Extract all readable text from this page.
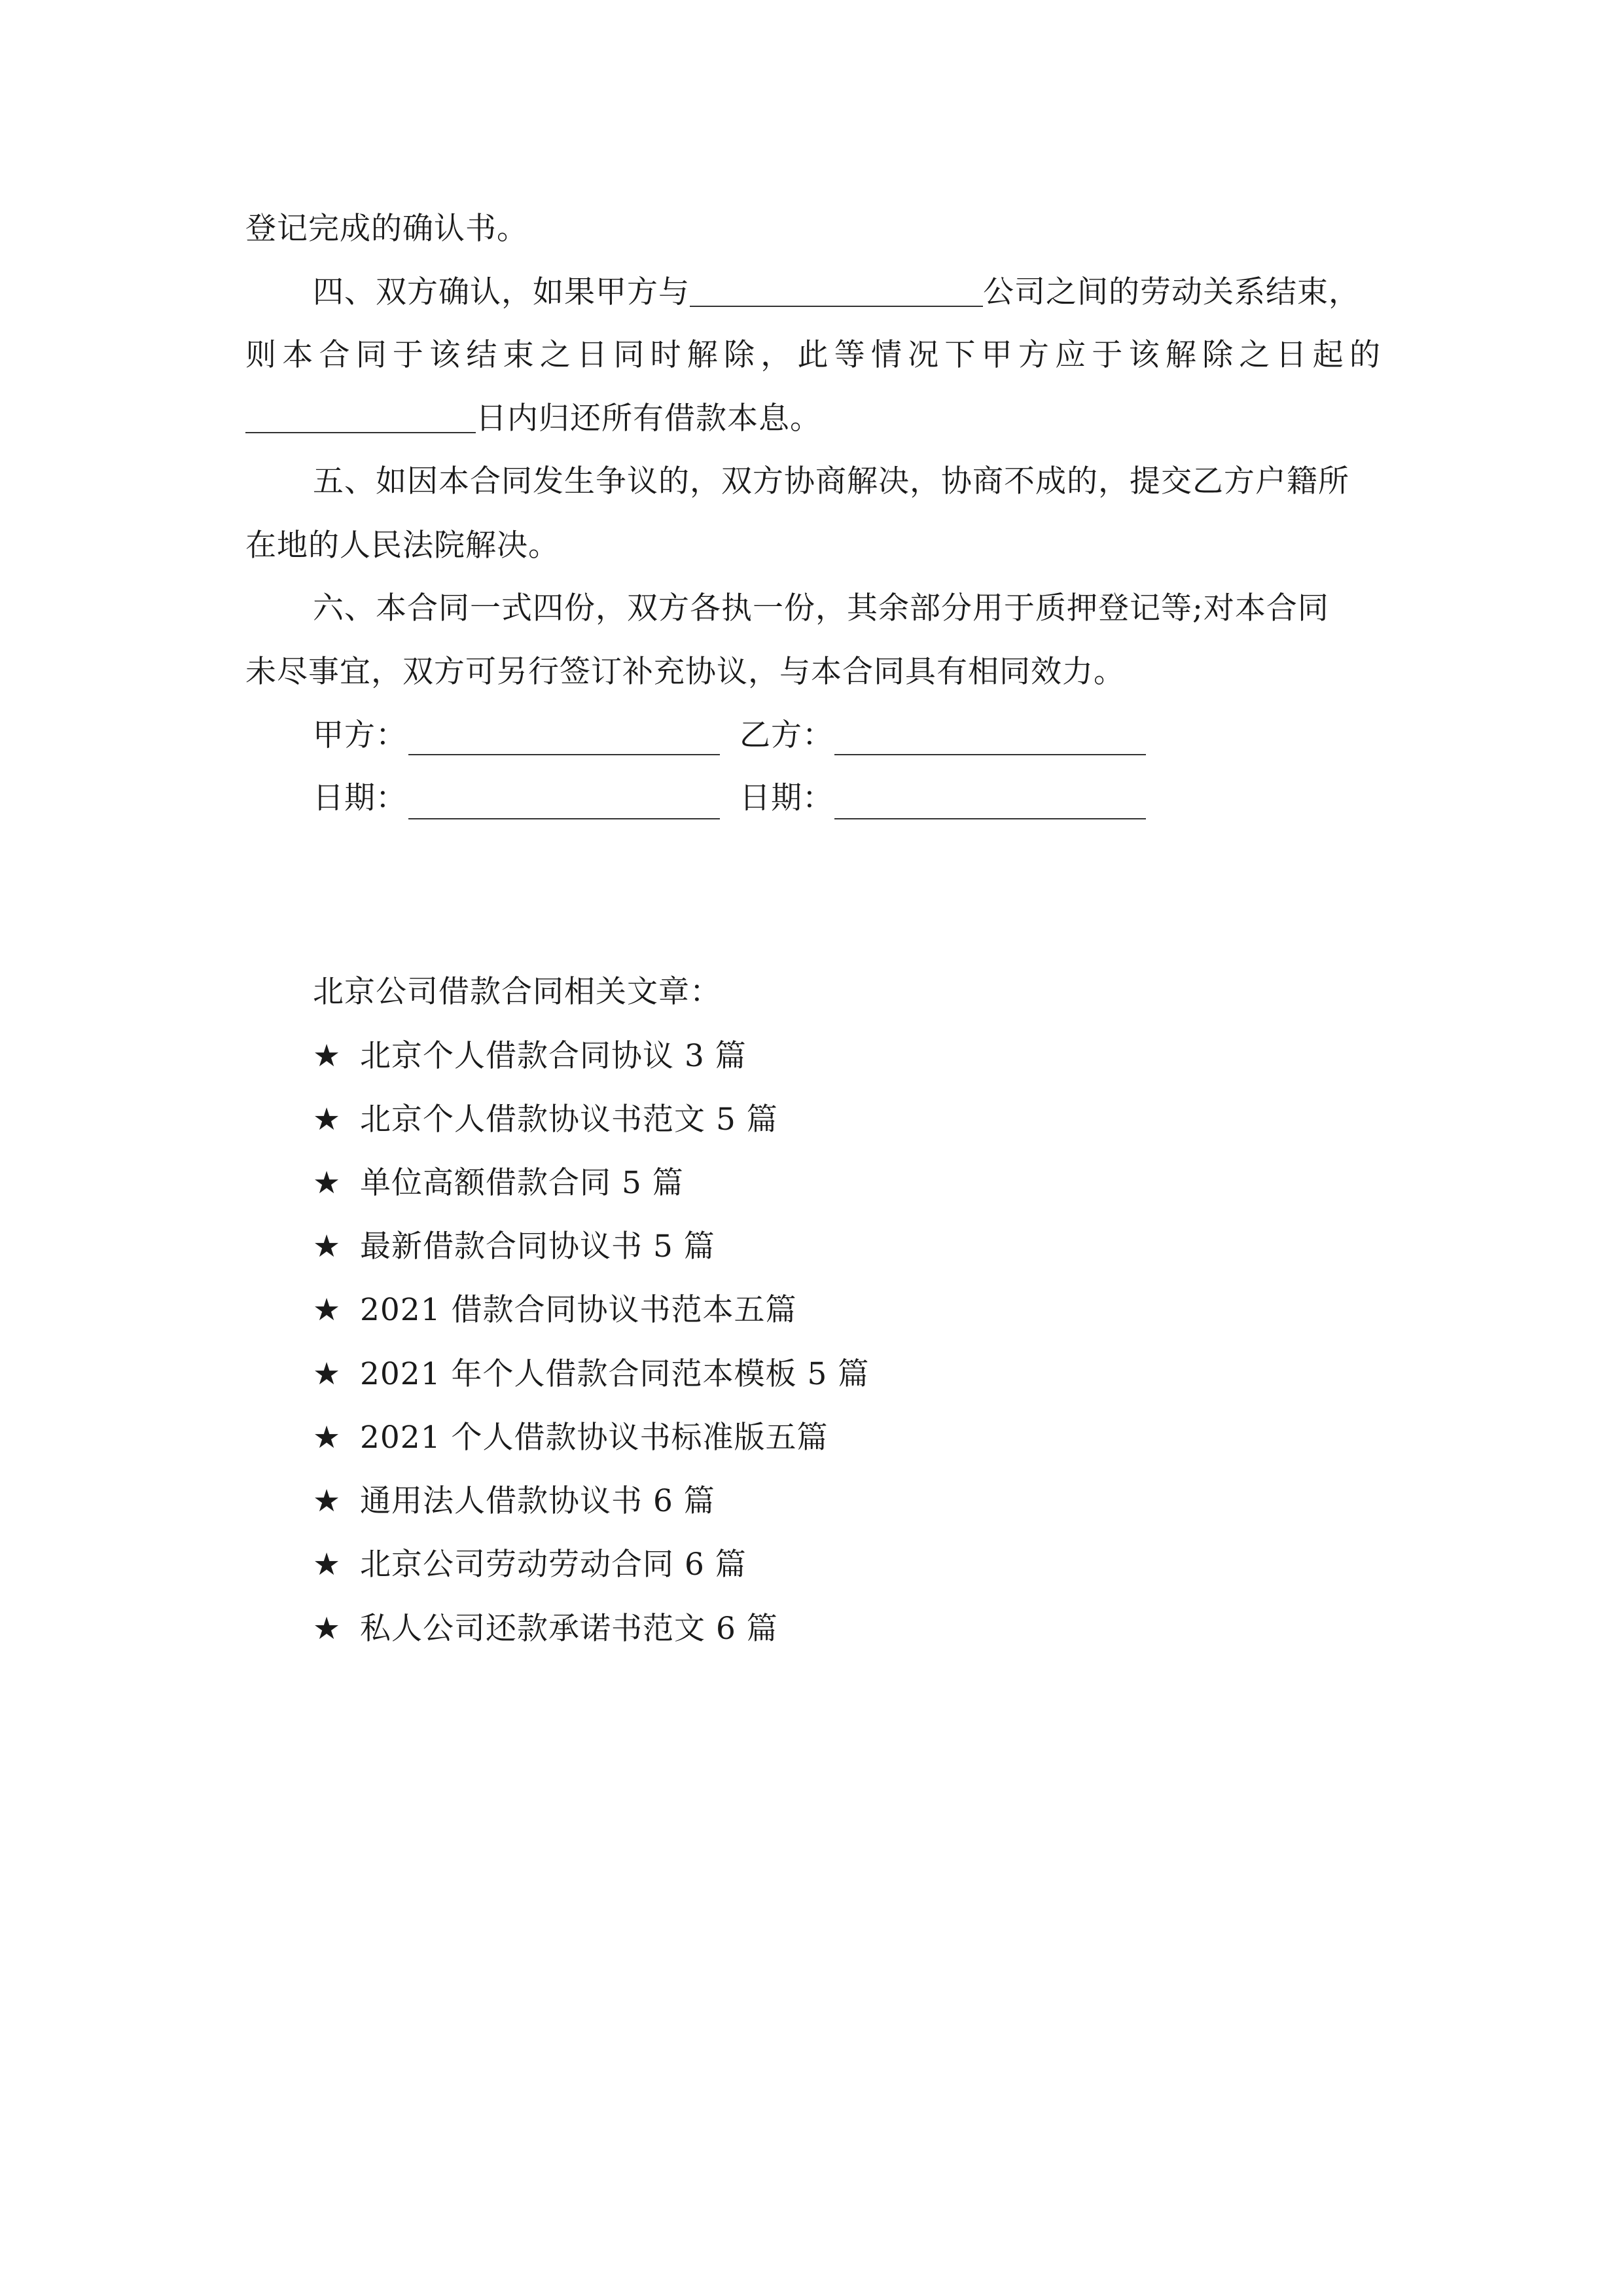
登记完成的确认书。
四、双方确认，如果甲方与	公司之间的劳动关系结束，
则本合同于该结束之日同时解除，此等情况下甲方应于该解除之日起的
日内归还所有借款本息。
五、如因本合同发生争议的，双方协商解决，协商不成的，提交乙方户籍所
在地的人民法院解决。
六、本合同一式四份，双方各执一份，其余部分用于质押登记等;对本合同
未尽事宜，双方可另行签订补充协议，与本合同具有相同效力。
甲方：	乙方：
日期：	日期：
北京公司借款合同相关文章：
★ 北京个人借款合同协议 3 篇
★ 北京个人借款协议书范文 5 篇
★ 单位高额借款合同 5 篇
★ 最新借款合同协议书 5 篇
★ 2021 借款合同协议书范本五篇
★ 2021 年个人借款合同范本模板 5 篇
★ 2021 个人借款协议书标准版五篇
★ 通用法人借款协议书 6 篇
★ 北京公司劳动劳动合同 6 篇
★ 私人公司还款承诺书范文 6 篇
